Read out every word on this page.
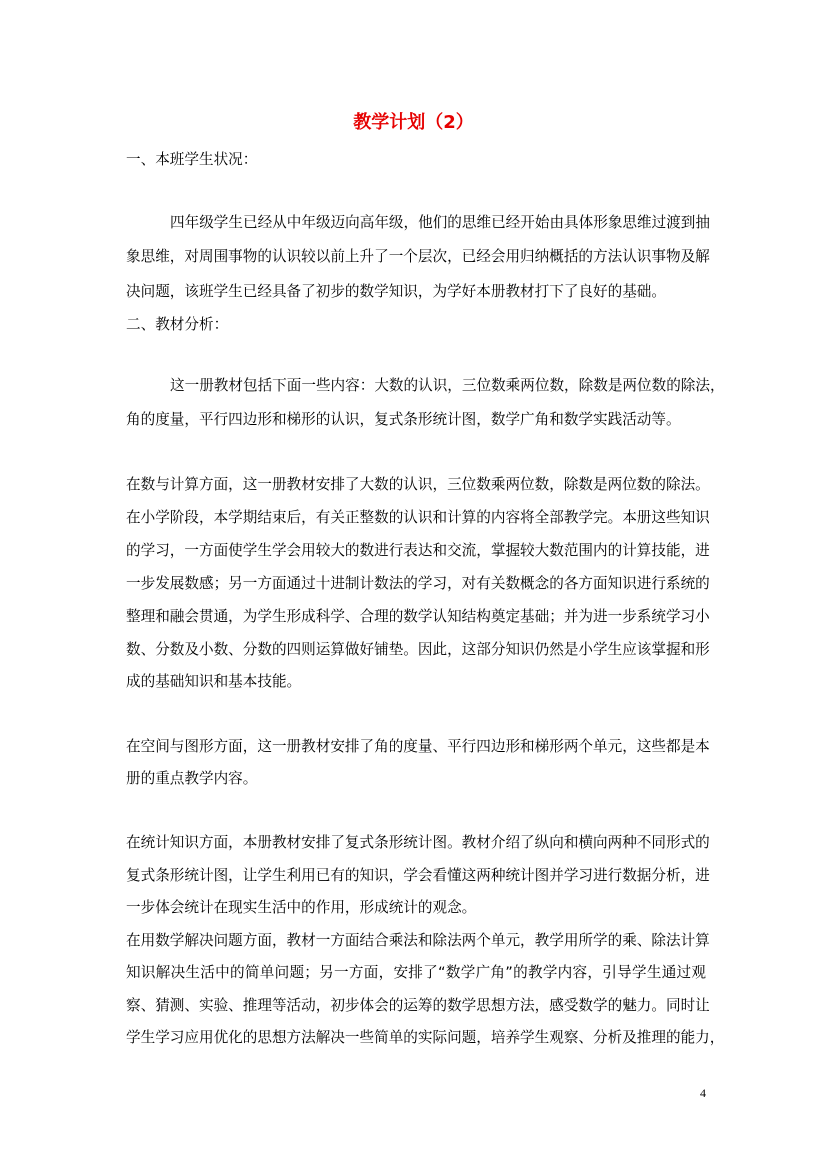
教学计划（2）
一、本班学生状况：
四年级学生已经从中年级迈向高年级，他们的思维已经开始由具体形象思维过渡到抽
象思维，对周围事物的认识较以前上升了一个层次，已经会用归纳概括的方法认识事物及解
决问题，该班学生已经具备了初步的数学知识，为学好本册教材打下了良好的基础。
二、教材分析：
这一册教材包括下面一些内容：大数的认识，三位数乘两位数，除数是两位数的除法，
角的度量，平行四边形和梯形的认识，复式条形统计图，数学广角和数学实践活动等。
在数与计算方面，这一册教材安排了大数的认识，三位数乘两位数，除数是两位数的除法。
在小学阶段，本学期结束后，有关正整数的认识和计算的内容将全部教学完。本册这些知识
的学习，一方面使学生学会用较大的数进行表达和交流，掌握较大数范围内的计算技能，进
一步发展数感；另一方面通过十进制计数法的学习，对有关数概念的各方面知识进行系统的
整理和融会贯通，为学生形成科学、合理的数学认知结构奠定基础；并为进一步系统学习小
数、分数及小数、分数的四则运算做好铺垫。因此，这部分知识仍然是小学生应该掌握和形
成的基础知识和基本技能。
在空间与图形方面，这一册教材安排了角的度量、平行四边形和梯形两个单元，这些都是本
册的重点教学内容。
在统计知识方面，本册教材安排了复式条形统计图。教材介绍了纵向和横向两种不同形式的
复式条形统计图，让学生利用已有的知识，学会看懂这两种统计图并学习进行数据分析，进
一步体会统计在现实生活中的作用，形成统计的观念。
在用数学解决问题方面，教材一方面结合乘法和除法两个单元，教学用所学的乘、除法计算
知识解决生活中的简单问题；另一方面，安排了“数学广角”的教学内容，引导学生通过观
察、猜测、实验、推理等活动，初步体会的运筹的数学思想方法，感受数学的魅力。同时让
学生学习应用优化的思想方法解决一些简单的实际问题，培养学生观察、分析及推理的能力，
4
